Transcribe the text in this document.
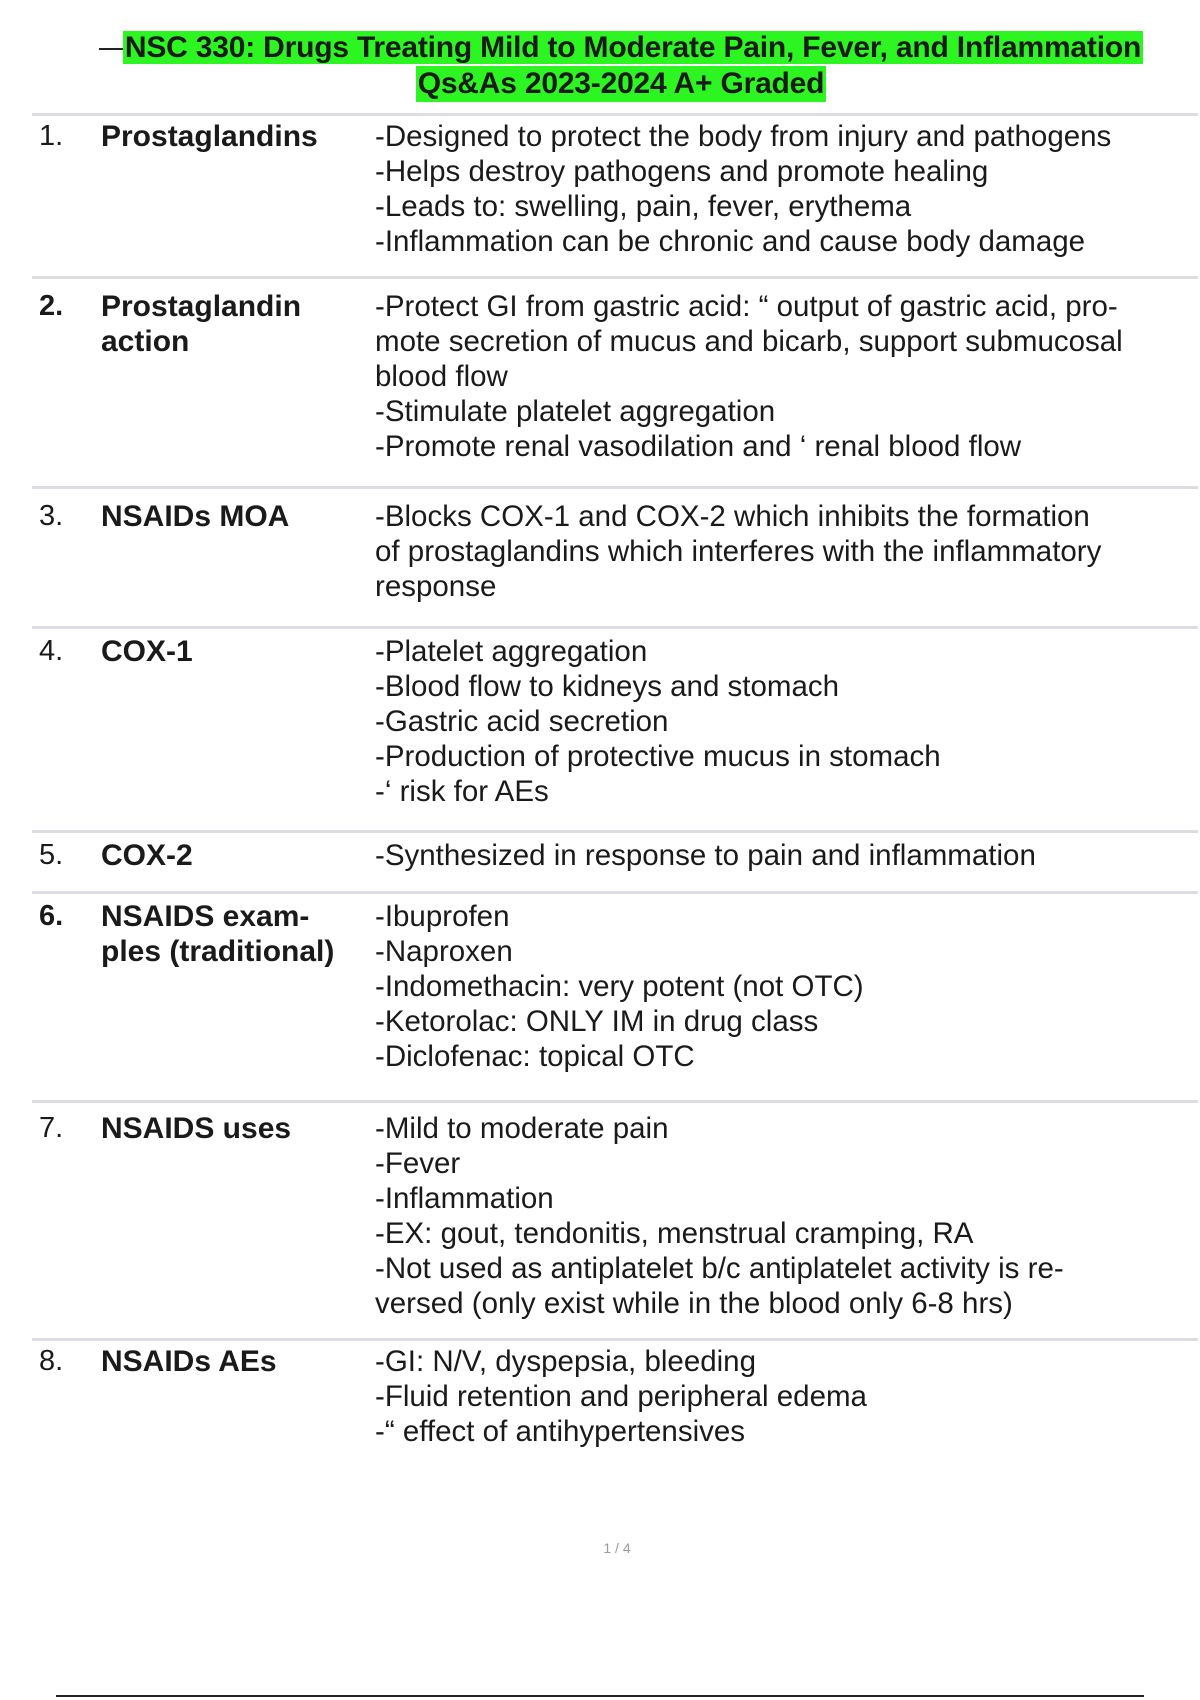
NSC 330: Drugs Treating Mild to Moderate Pain, Fever, and Inflammation
Qs&As 2023-2024 A+ Graded
1.	Prostaglandins	-Designed to protect the body from injury and pathogens
-Helps destroy pathogens and promote healing
-Leads to: swelling, pain, fever, erythema
-Inflammation can be chronic and cause body damage
2.	Prostaglandin
action
-Protect GI from gastric acid: “ output of gastric acid, pro-
mote secretion of mucus and bicarb, support submucosal
blood flow
-Stimulate platelet aggregation
-Promote renal vasodilation and ‘ renal blood flow
3.	NSAIDs MOA	-Blocks COX-1 and COX-2 which inhibits the formation
of prostaglandins which interferes with the inflammatory
response
4.	COX-1	-Platelet aggregation
-Blood flow to kidneys and stomach
-Gastric acid secretion
-Production of protective mucus in stomach
-‘ risk for AEs
5.	COX-2	-Synthesized in response to pain and inflammation
6.	NSAIDS exam-
ples (traditional)
-Ibuprofen
-Naproxen
-Indomethacin: very potent (not OTC)
-Ketorolac: ONLY IM in drug class
-Diclofenac: topical OTC
7.	NSAIDS uses	-Mild to moderate pain
-Fever
-Inflammation
-EX: gout, tendonitis, menstrual cramping, RA
-Not used as antiplatelet b/c antiplatelet activity is re-
versed (only exist while in the blood only 6-8 hrs)
8.	NSAIDs AEs	-GI: N/V, dyspepsia, bleeding
-Fluid retention and peripheral edema
-“ effect of antihypertensives
1 / 4
